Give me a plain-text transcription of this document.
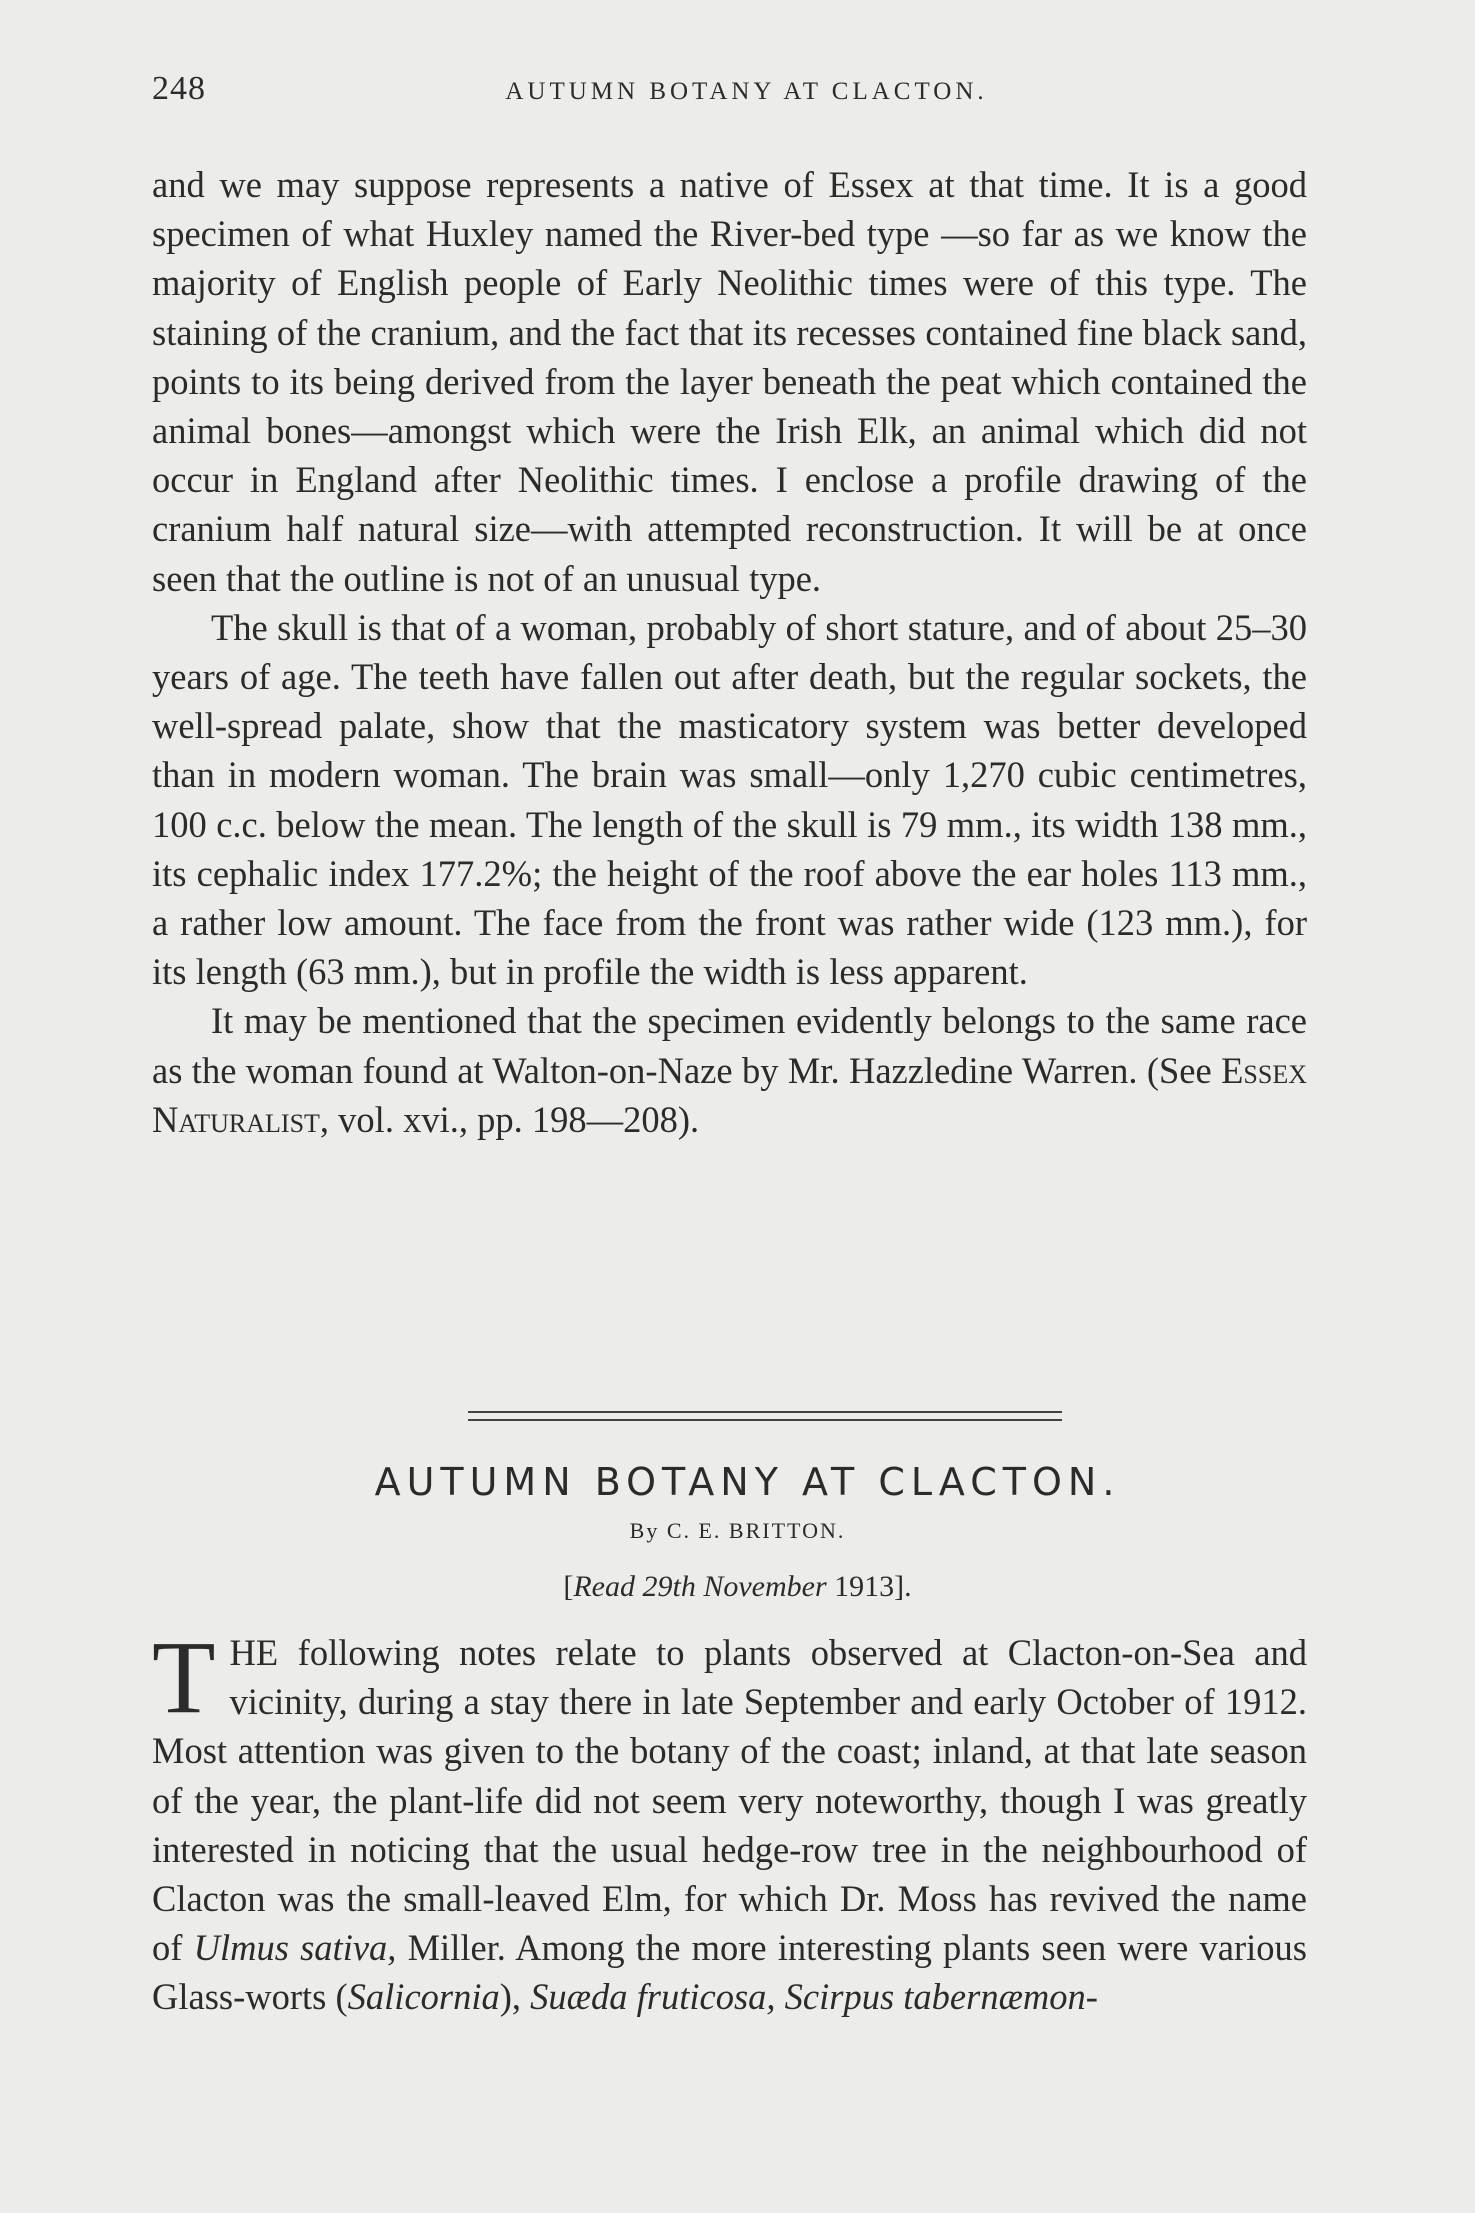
248	AUTUMN BOTANY AT CLACTON.

and we may suppose represents a native of Essex at that time. It is a good specimen of what Huxley named the River-bed type —so far as we know the majority of English people of Early Neolithic times were of this type. The staining of the cranium, and the fact that its recesses contained fine black sand, points to its being derived from the layer beneath the peat which contained the animal bones—amongst which were the Irish Elk, an animal which did not occur in England after Neolithic times. I enclose a profile drawing of the cranium half natural size—with attempted reconstruction. It will be at once seen that the outline is not of an unusual type.

The skull is that of a woman, probably of short stature, and of about 25–30 years of age. The teeth have fallen out after death, but the regular sockets, the well-spread palate, show that the masticatory system was better developed than in modern woman. The brain was small—only 1,270 cubic centimetres, 100 c.c. below the mean. The length of the skull is 79 mm., its width 138 mm., its cephalic index 177.2%; the height of the roof above the ear holes 113 mm., a rather low amount. The face from the front was rather wide (123 mm.), for its length (63 mm.), but in profile the width is less apparent.

It may be mentioned that the specimen evidently belongs to the same race as the woman found at Walton-on-Naze by Mr. Hazzledine Warren. (See Essex Naturalist, vol. xvi., pp. 198—208).

AUTUMN BOTANY AT CLACTON.
By C. E. BRITTON.
[Read 29th November 1913].

THE following notes relate to plants observed at Clacton-on-Sea and vicinity, during a stay there in late September and early October of 1912. Most attention was given to the botany of the coast; inland, at that late season of the year, the plant-life did not seem very noteworthy, though I was greatly interested in noticing that the usual hedge-row tree in the neighbourhood of Clacton was the small-leaved Elm, for which Dr. Moss has revived the name of Ulmus sativa, Miller. Among the more interesting plants seen were various Glass-worts (Salicornia), Suæda fruticosa, Scirpus tabernæmon-
